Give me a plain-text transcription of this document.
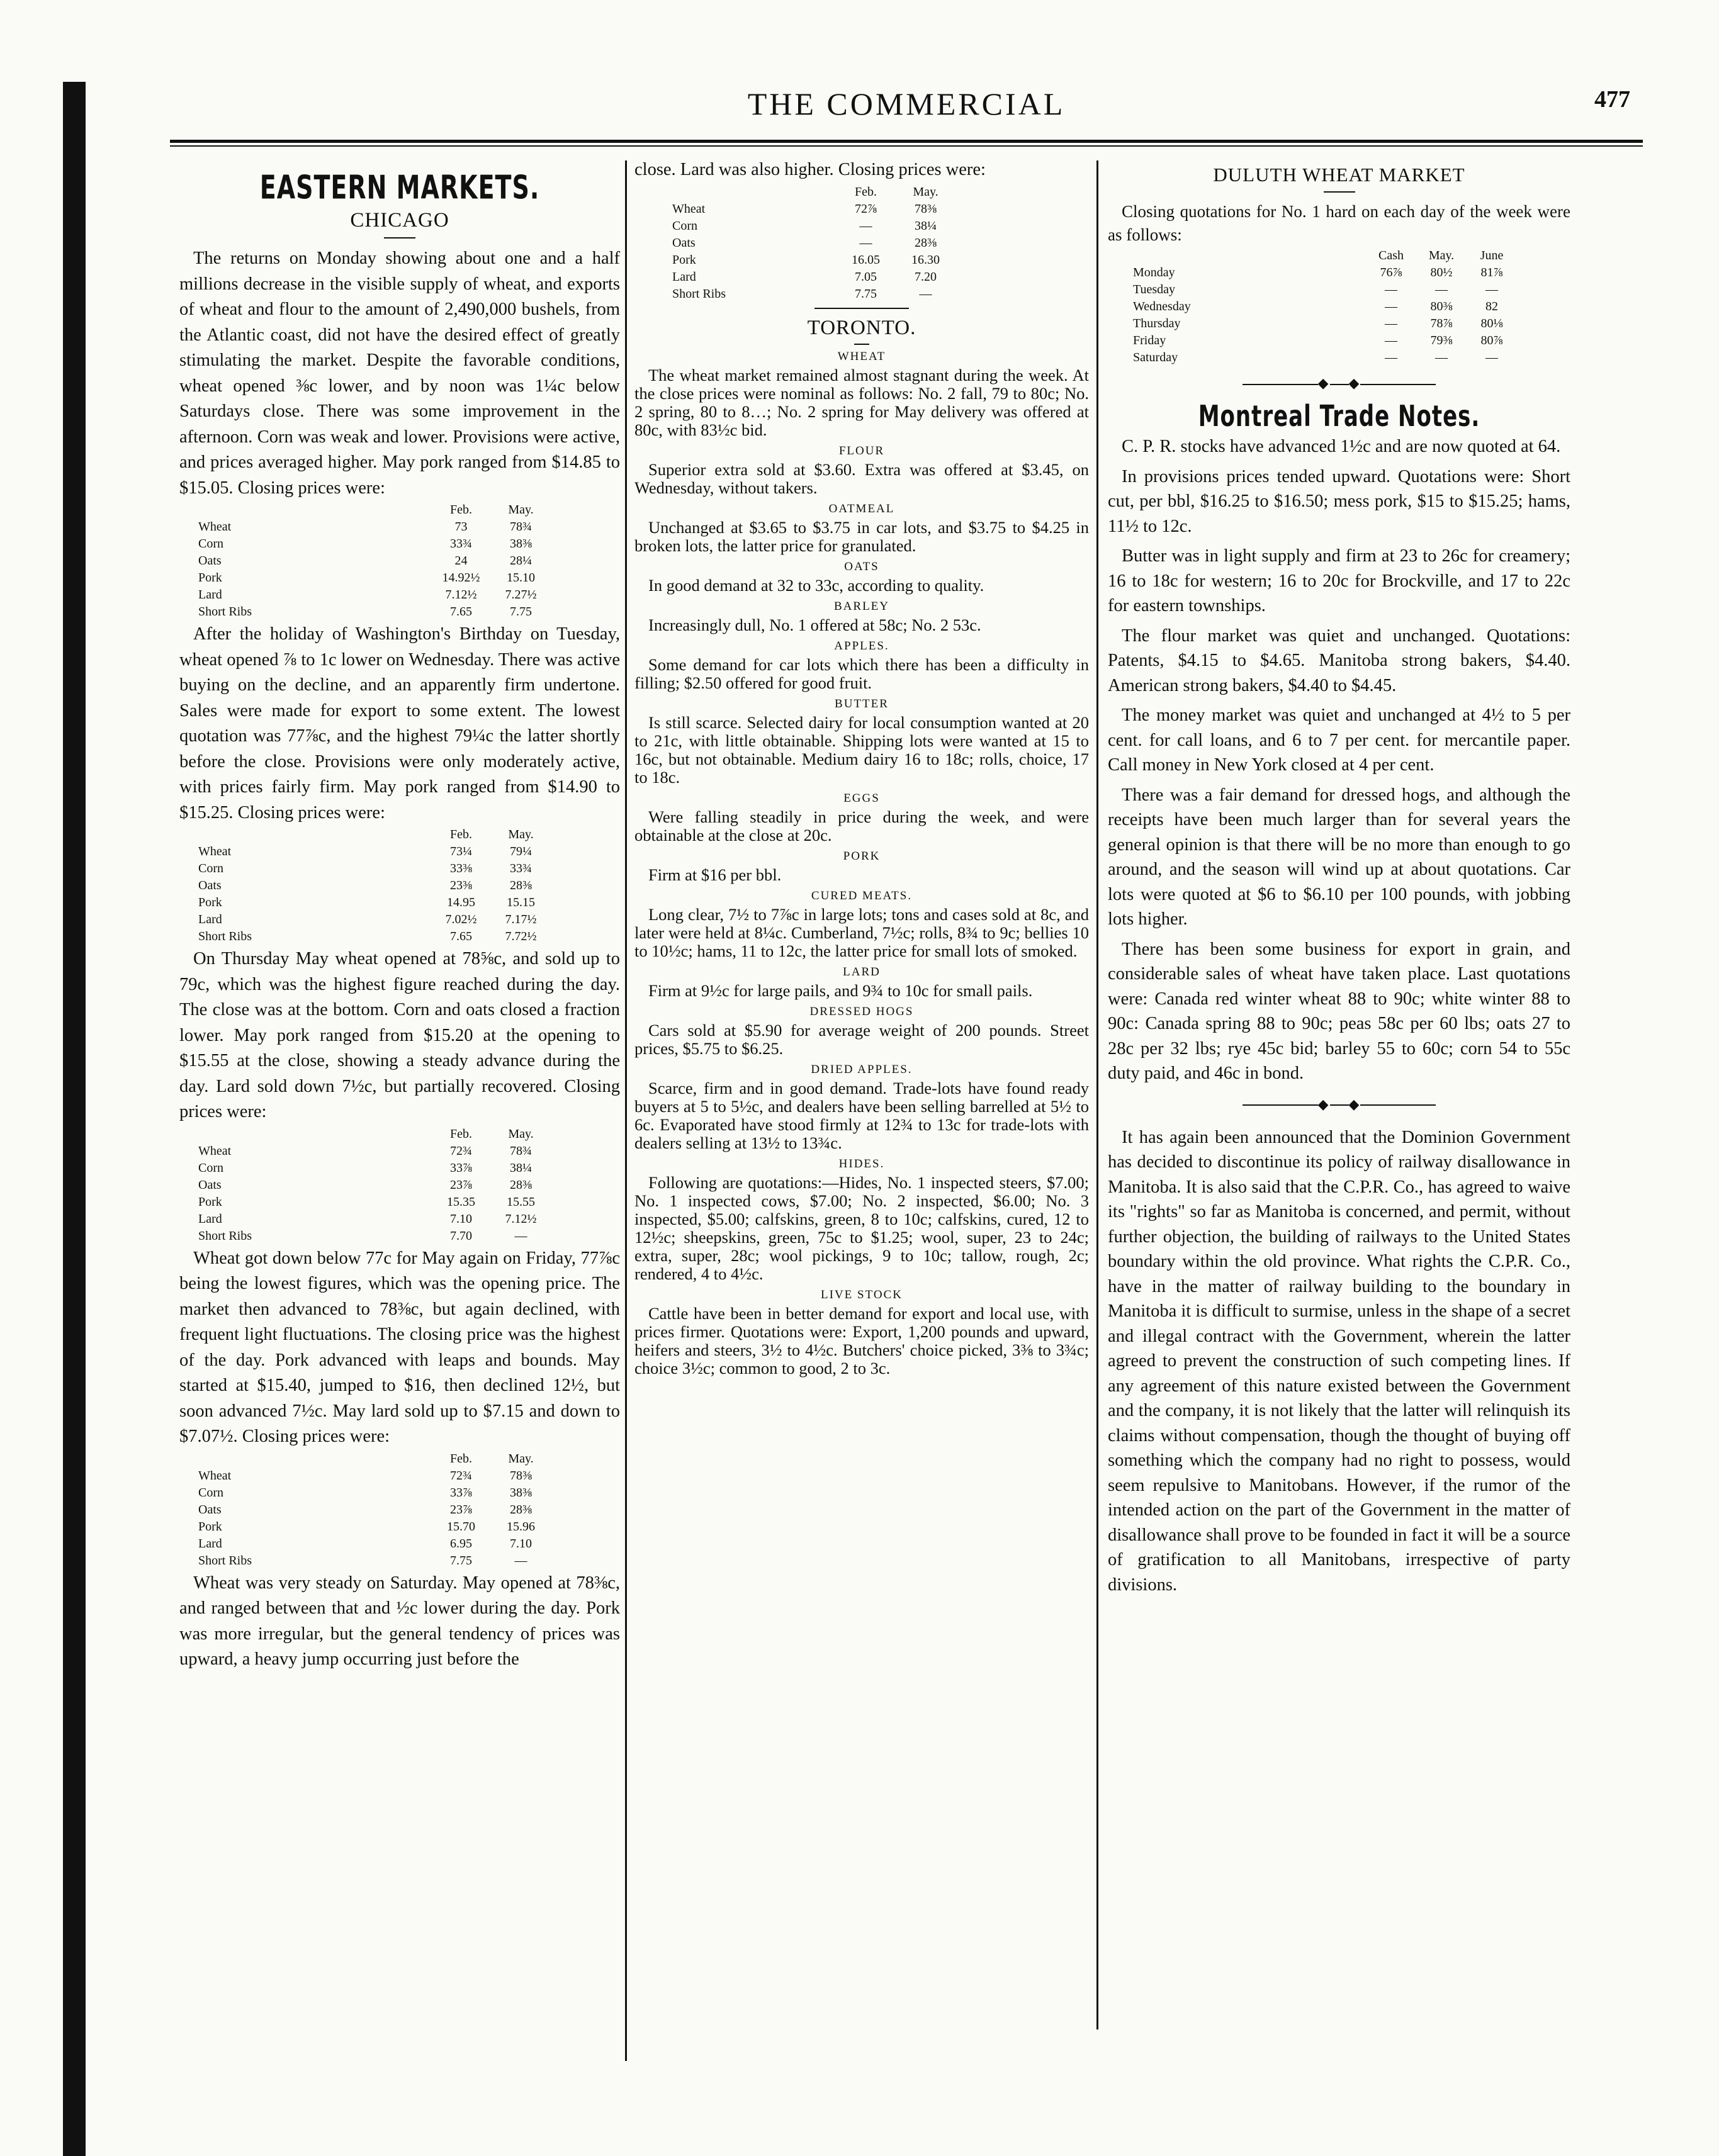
THE COMMERCIAL	477
EASTERN MARKETS.
CHICAGO

The returns on Monday showing about one and a half millions decrease in the visible supply of wheat, and exports of wheat and flour to the amount of 2,490,000 bushels, from the Atlantic coast, did not have the desired effect of greatly stimulating the market. Despite the favorable conditions, wheat opened ⅜c lower, and by noon was 1¼c below Saturdays close. There was some improvement in the afternoon. Corn was weak and lower. Provisions were active, and prices averaged higher. May pork ranged from $14.85 to $15.05. Closing prices were:

	Feb.	May.
Wheat	73	78¾
Corn	33¾	38⅜
Oats	24	28¼
Pork	14.92½	15.10
Lard	7.12½	7.27½
Short Ribs	7.65	7.75

After the holiday of Washington's Birthday on Tuesday, wheat opened ⅞ to 1c lower on Wednesday. There was active buying on the decline, and an apparently firm undertone. Sales were made for export to some extent. The lowest quotation was 77⅞c, and the highest 79¼c the latter shortly before the close. Provisions were only moderately active, with prices fairly firm. May pork ranged from $14.90 to $15.25. Closing prices were:

	Feb.	May.
Wheat	73¼	79¼
Corn	33⅜	33¾
Oats	23⅜	28⅜
Pork	14.95	15.15
Lard	7.02½	7.17½
Short Ribs	7.65	7.72½

On Thursday May wheat opened at 78⅝c, and sold up to 79c, which was the highest figure reached during the day. The close was at the bottom. Corn and oats closed a fraction lower. May pork ranged from $15.20 at the opening to $15.55 at the close, showing a steady advance during the day. Lard sold down 7½c, but partially recovered. Closing prices were:

	Feb.	May.
Wheat	72¾	78¾
Corn	33⅞	38¼
Oats	23⅞	28⅜
Pork	15.35	15.55
Lard	7.10	7.12½
Short Ribs	7.70	—

Wheat got down below 77c for May again on Friday, 77⅞c being the lowest figures, which was the opening price. The market then advanced to 78⅜c, but again declined, with frequent light fluctuations. The closing price was the highest of the day. Pork advanced with leaps and bounds. May started at $15.40, jumped to $16, then declined 12½, but soon advanced 7½c. May lard sold up to $7.15 and down to $7.07½. Closing prices were:

	Feb.	May.
Wheat	72¾	78⅜
Corn	33⅞	38⅜
Oats	23⅞	28⅜
Pork	15.70	15.96
Lard	6.95	7.10
Short Ribs	7.75	—

Wheat was very steady on Saturday. May opened at 78⅜c, and ranged between that and ½c lower during the day. Pork was more irregular, but the general tendency of prices was upward, a heavy jump occurring just before the

close. Lard was also higher. Closing prices were:

	Feb.	May.
Wheat	72⅞	78⅜
Corn	—	38¼
Oats	—	28⅜
Pork	16.05	16.30
Lard	7.05	7.20
Short Ribs	7.75	—
TORONTO.
WHEAT

The wheat market remained almost stagnant during the week. At the close prices were nominal as follows: No. 2 fall, 79 to 80c; No. 2 spring, 80 to 8…; No. 2 spring for May delivery was offered at 80c, with 83½c bid.

FLOUR

Superior extra sold at $3.60. Extra was offered at $3.45, on Wednesday, without takers.

OATMEAL

Unchanged at $3.65 to $3.75 in car lots, and $3.75 to $4.25 in broken lots, the latter price for granulated.

OATS

In good demand at 32 to 33c, according to quality.

BARLEY

Increasingly dull, No. 1 offered at 58c; No. 2 53c.

APPLES.

Some demand for car lots which there has been a difficulty in filling; $2.50 offered for good fruit.

BUTTER

Is still scarce. Selected dairy for local consumption wanted at 20 to 21c, with little obtainable. Shipping lots were wanted at 15 to 16c, but not obtainable. Medium dairy 16 to 18c; rolls, choice, 17 to 18c.

EGGS

Were falling steadily in price during the week, and were obtainable at the close at 20c.

PORK

Firm at $16 per bbl.

CURED MEATS.

Long clear, 7½ to 7⅞c in large lots; tons and cases sold at 8c, and later were held at 8¼c. Cumberland, 7½c; rolls, 8¾ to 9c; bellies 10 to 10½c; hams, 11 to 12c, the latter price for small lots of smoked.

LARD

Firm at 9½c for large pails, and 9¾ to 10c for small pails.

DRESSED HOGS

Cars sold at $5.90 for average weight of 200 pounds. Street prices, $5.75 to $6.25.

DRIED APPLES.

Scarce, firm and in good demand. Trade-lots have found ready buyers at 5 to 5½c, and dealers have been selling barrelled at 5½ to 6c. Evaporated have stood firmly at 12¾ to 13c for trade-lots with dealers selling at 13½ to 13¾c.

HIDES.

Following are quotations:—Hides, No. 1 inspected steers, $7.00; No. 1 inspected cows, $7.00; No. 2 inspected, $6.00; No. 3 inspected, $5.00; calfskins, green, 8 to 10c; calfskins, cured, 12 to 12½c; sheepskins, green, 75c to $1.25; wool, super, 23 to 24c; extra, super, 28c; wool pickings, 9 to 10c; tallow, rough, 2c; rendered, 4 to 4½c.

LIVE STOCK

Cattle have been in better demand for export and local use, with prices firmer. Quotations were: Export, 1,200 pounds and upward, heifers and steers, 3½ to 4½c. Butchers' choice picked, 3⅜ to 3¾c; choice 3½c; common to good, 2 to 3c.

DULUTH WHEAT MARKET

Closing quotations for No. 1 hard on each day of the week were as follows:

	Cash	May.	June
Monday	76⅞	80½	81⅞
Tuesday	—	—	—
Wednesday	—	80⅜	82
Thursday	—	78⅞	80⅛
Friday	—	79⅜	80⅞
Saturday	—	—	—
◆ ◆
Montreal Trade Notes.

C. P. R. stocks have advanced 1½c and are now quoted at 64.

In provisions prices tended upward. Quotations were: Short cut, per bbl, $16.25 to $16.50; mess pork, $15 to $15.25; hams, 11½ to 12c.

Butter was in light supply and firm at 23 to 26c for creamery; 16 to 18c for western; 16 to 20c for Brockville, and 17 to 22c for eastern townships.

The flour market was quiet and unchanged. Quotations: Patents, $4.15 to $4.65. Manitoba strong bakers, $4.40. American strong bakers, $4.40 to $4.45.

The money market was quiet and unchanged at 4½ to 5 per cent. for call loans, and 6 to 7 per cent. for mercantile paper. Call money in New York closed at 4 per cent.

There was a fair demand for dressed hogs, and although the receipts have been much larger than for several years the general opinion is that there will be no more than enough to go around, and the season will wind up at about quotations. Car lots were quoted at $6 to $6.10 per 100 pounds, with jobbing lots higher.

There has been some business for export in grain, and considerable sales of wheat have taken place. Last quotations were: Canada red winter wheat 88 to 90c; white winter 88 to 90c: Canada spring 88 to 90c; peas 58c per 60 lbs; oats 27 to 28c per 32 lbs; rye 45c bid; barley 55 to 60c; corn 54 to 55c duty paid, and 46c in bond.

◆ ◆

It has again been announced that the Dominion Government has decided to discontinue its policy of railway disallowance in Manitoba. It is also said that the C.P.R. Co., has agreed to waive its "rights" so far as Manitoba is concerned, and permit, without further objection, the building of railways to the United States boundary within the old province. What rights the C.P.R. Co., have in the matter of railway building to the boundary in Manitoba it is difficult to surmise, unless in the shape of a secret and illegal contract with the Government, wherein the latter agreed to prevent the construction of such competing lines. If any agreement of this nature existed between the Government and the company, it is not likely that the latter will relinquish its claims without compensation, though the thought of buying off something which the company had no right to possess, would seem repulsive to Manitobans. However, if the rumor of the intended action on the part of the Government in the matter of disallowance shall prove to be founded in fact it will be a source of gratification to all Manitobans, irrespective of party divisions.
